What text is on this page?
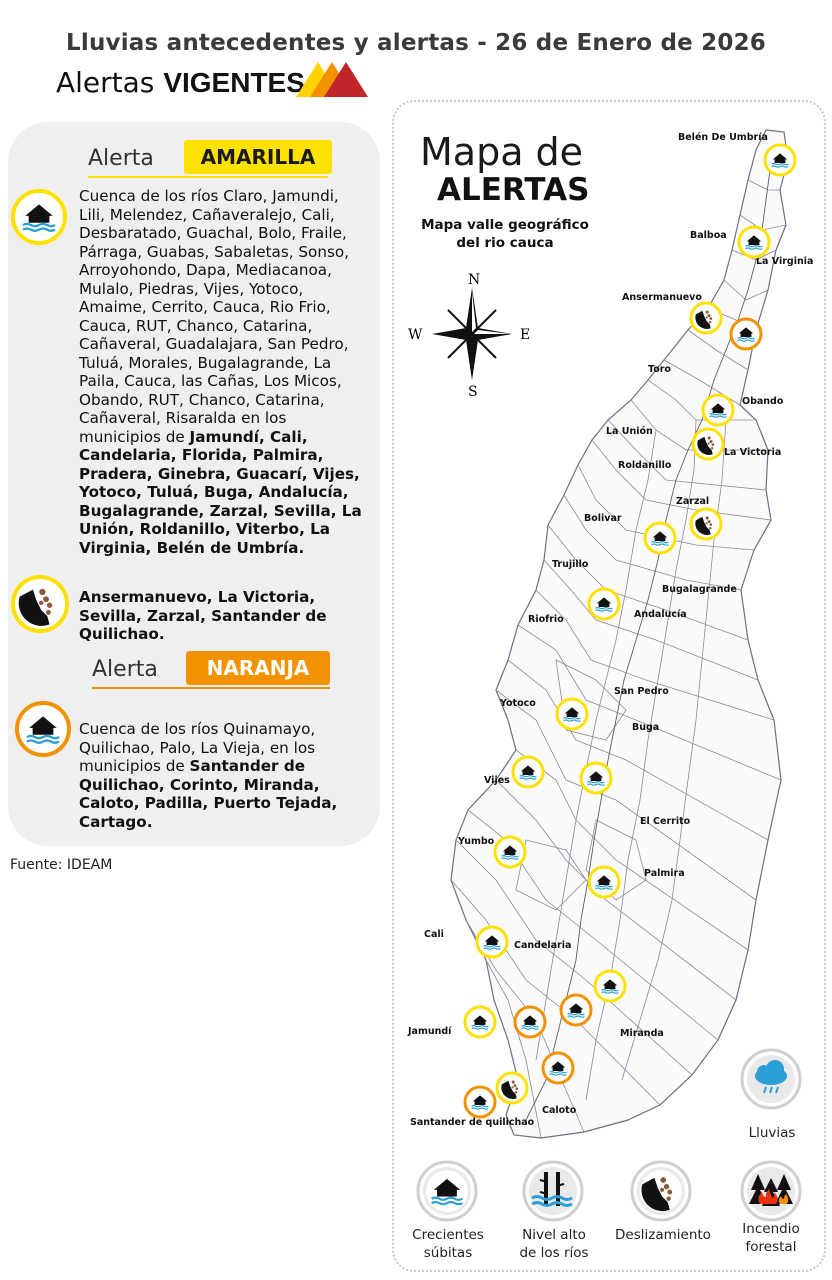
Lluvias antecedentes y alertas - 26 de Enero de 2026
Alertas VIGENTES
Alerta	AMARILLA
Cuenca de los ríos Claro, Jamundi, Lili, Melendez, Cañaveralejo, Cali, Desbaratado, Guachal, Bolo, Fraile, Párraga, Guabas, Sabaletas, Sonso, Arroyohondo, Dapa, Mediacanoa, Mulalo, Piedras, Vijes, Yotoco, Amaime, Cerrito, Cauca, Rio Frio, Cauca, RUT, Chanco, Catarina, Cañaveral, Guadalajara, San Pedro, Tuluá, Morales, Bugalagrande, La Paila, Cauca, las Cañas, Los Micos, Obando, RUT, Chanco, Catarina, Cañaveral, Risaralda en los municipios de Jamundí, Cali, Candelaria, Florida, Palmira, Pradera, Ginebra, Guacarí, Vijes, Yotoco, Tuluá, Buga, Andalucía, Bugalagrande, Zarzal, Sevilla, La Unión, Roldanillo, Viterbo, La Virginia, Belén de Umbría.
Ansermanuevo, La Victoria, Sevilla, Zarzal, Santander de Quilichao.
Alerta	NARANJA
Cuenca de los ríos Quinamayo, Quilichao, Palo, La Vieja, en los municipios de Santander de Quilichao, Corinto, Miranda, Caloto, Padilla, Puerto Tejada, Cartago.
Fuente: IDEAM
Mapa de
ALERTAS
Mapa valle geográfico
del rio cauca
N
S
W	E
Belén De Umbría
Balboa
La Virginia
Ansermanuevo
Toro
Obando
La Unión
La Victoria
Roldanillo
Zarzal
Bolivar
Trujillo
Bugalagrande
Riofrio	Andalucía
San Pedro
Yotoco
Buga
Vijes
El Cerrito
Yumbo
Palmira
Cali
Candelaria
Jamundí	Miranda
Caloto
Santander de quilichao
Lluvias
Crecientes
súbitas
Nivel alto
de los ríos
Deslizamiento	Incendio
forestal
